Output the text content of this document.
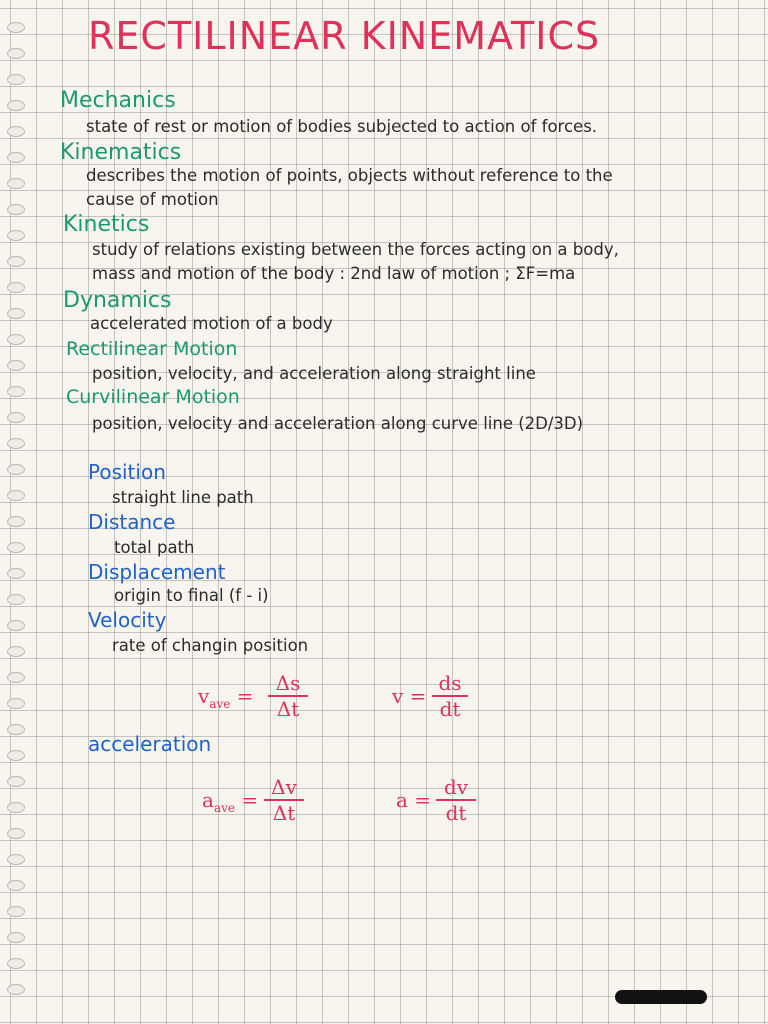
RECTILINEAR KINEMATICS
Mechanics
state of rest or motion of bodies subjected to action of forces.
Kinematics
describes the motion of points, objects without reference to the
cause of motion
Kinetics
study of relations existing between the forces acting on a body,
mass and motion of the body : 2nd law of motion ; ΣF=ma
Dynamics
accelerated motion of a body
Rectilinear Motion
position, velocity, and acceleration along straight line
Curvilinear Motion
position, velocity and acceleration along curve line (2D/3D)
Position
straight line path
Distance
total path
Displacement
origin to final (f - i)
Velocity
rate of changin position
$v_{ave}$ =
Δs
Δt
v =
ds
dt
acceleration
$a_{ave}$ =
Δv
Δt
a =
dv
dt
